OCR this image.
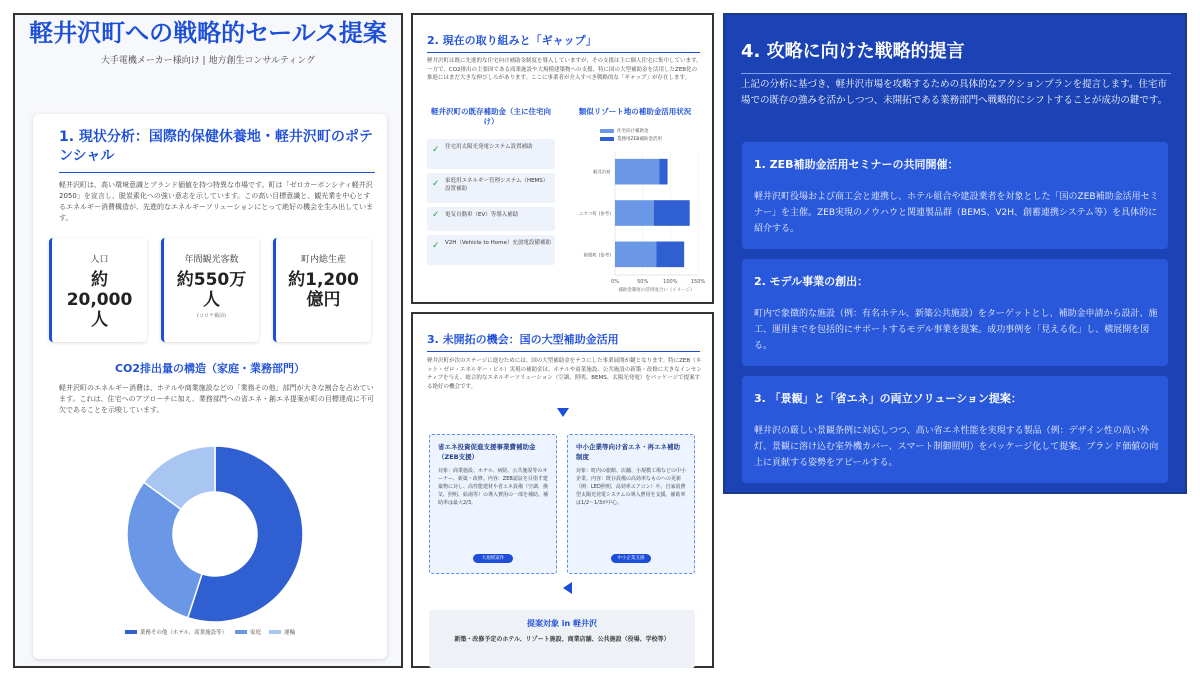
軽井沢町への戦略的セールス提案
大手電機メーカー様向け | 地方創生コンサルティング
1. 現状分析：国際的保健休養地・軽井沢町のポテンシャル
軽井沢町は、高い環境意識とブランド価値を持つ特異な市場です。町は「ゼロカーボンシティ軽井沢2050」を宣言し、脱炭素化への強い意志を示しています。この高い目標意識と、観光業を中心とするエネルギー消費構造が、先進的なエネルギーソリューションにとって絶好の機会を生み出しています。
人口
約20,000人
年間観光客数
約550万人
(コロナ禍前)
町内総生産
約1,200億円
CO2排出量の構造（家庭・業務部門）
軽井沢町のエネルギー消費は、ホテルや商業施設などの「業務その他」部門が大きな割合を占めています。これは、住宅へのアプローチに加え、業務部門への省エネ・創エネ提案が町の目標達成に不可欠であることを示唆しています。
業務その他（ホテル、商業施設等）	家庭	運輸
2. 現在の取り組みと「ギャップ」
軽井沢町は既に先進的な住宅向け補助金制度を導入していますが、その支援は主に個人住宅に集中しています。一方で、CO2排出の主要因である商業施設や大規模建築物への支援、特に国の大型補助金を活用したZEB化の推進にはまだ大きな伸びしろがあります。ここに事業者が介入すべき戦略的な「ギャップ」が存在します。
軽井沢町の既存補助金（主に住宅向け）
類似リゾート地の補助金活用状況
✓ 住宅用太陽光発電システム設置補助
✓ 家庭用エネルギー管理システム（HEMS）設置補助
✓ 電気自動車（EV）等導入補助
✓ V2H（Vehicle to Home）充放電設備補助
住宅向け補助金
業務用ZEB補助金活用
0%	50%	100%	150%
軽井沢町
ニセコ町 (参考)
箱根町 (参考)
補助金制度の活用度合い（イメージ）
3. 未開拓の機会：国の大型補助金活用
軽井沢町が次のステージに進むためには、国の大型補助金をテコにした事業展開が鍵となります。特にZEB（ネット・ゼロ・エネルギー・ビル）実現の補助金は、ホテルや商業施設、公共施設の新築・改修に大きなインセンティブを与え、総合的なエネルギーソリューション（空調、照明、BEMS、太陽光発電）をパッケージで提案する絶好の機会です。
省エネ投資促進支援事業費補助金（ZEB支援）
対象：商業施設、ホテル、病院、公共施設等のオーナー、新築・改修。内容：ZEB認証を目指す建築物に対し、高性能建材や省エネ設備（空調、換気、照明、給湯等）の導入費用の一部を補助。補助率は最大2/3。
大規模案件
中小企業等向け省エネ・再エネ補助制度
対象：町内の旅館、店舗、小規模工場などの中小企業。内容：既存設備の高効率なものへの更新（例：LED照明、高効率エアコン）や、自家消費型太陽光発電システムの導入費用を支援。補助率は1/2〜1/3が中心。
中小企業支援
提案対象 in 軽井沢
新築・改修予定のホテル、リゾート施設、商業店舗、公共施設（役場、学校等）
4. 攻略に向けた戦略的提言
上記の分析に基づき、軽井沢市場を攻略するための具体的なアクションプランを提言します。住宅市場での既存の強みを活かしつつ、未開拓である業務部門へ戦略的にシフトすることが成功の鍵です。
1. ZEB補助金活用セミナーの共同開催：
軽井沢町役場および商工会と連携し、ホテル組合や建設業者を対象とした「国のZEB補助金活用セミナー」を主催。ZEB実現のノウハウと関連製品群（BEMS、V2H、創蓄連携システム等）を具体的に紹介する。
2. モデル事業の創出：
町内で象徴的な施設（例：有名ホテル、新築公共施設）をターゲットとし、補助金申請から設計、施工、運用までを包括的にサポートするモデル事業を提案。成功事例を「見える化」し、横展開を図る。
3. 「景観」と「省エネ」の両立ソリューション提案：
軽井沢の厳しい景観条例に対応しつつ、高い省エネ性能を実現する製品（例：デザイン性の高い外灯、景観に溶け込む室外機カバー、スマート制御照明）をパッケージ化して提案。ブランド価値の向上に貢献する姿勢をアピールする。
